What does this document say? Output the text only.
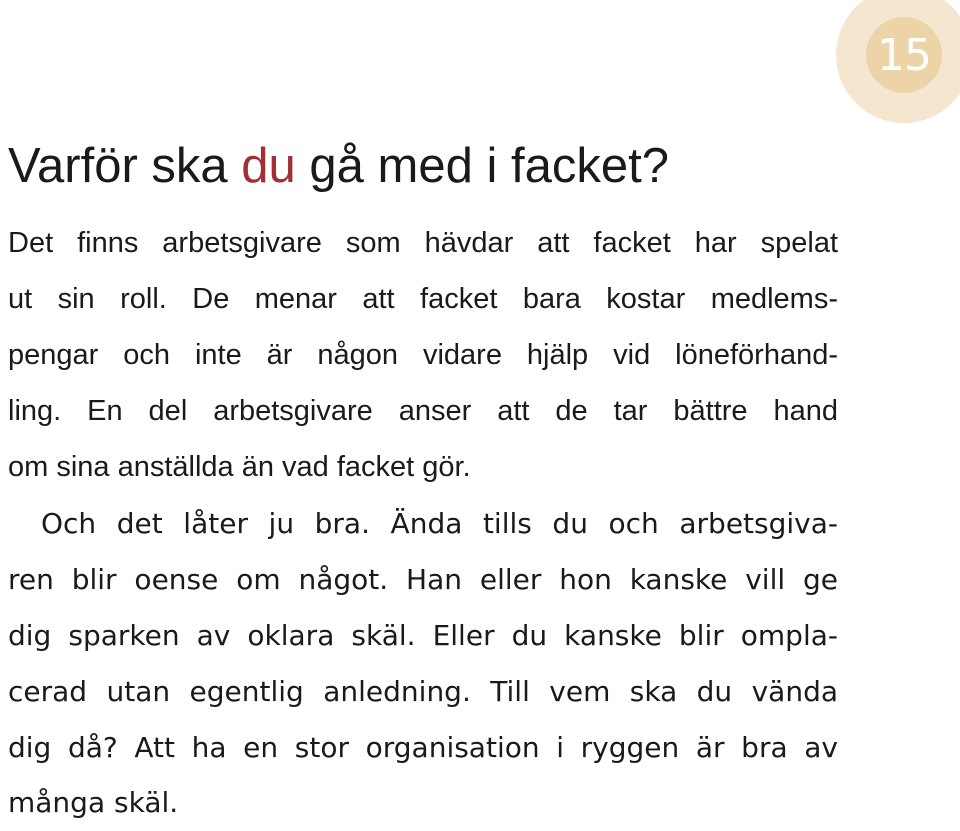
15
Varför ska du gå med i facket?
Det finns arbetsgivare som hävdar att facket har spelat
ut sin roll. De menar att facket bara kostar medlems-
pengar och inte är någon vidare hjälp vid löneförhand-
ling. En del arbetsgivare anser att de tar bättre hand
om sina anställda än vad facket gör.
Och det låter ju bra. Ända tills du och arbetsgiva-
ren blir oense om något. Han eller hon kanske vill ge
dig sparken av oklara skäl. Eller du kanske blir ompla-
cerad utan egentlig anledning. Till vem ska du vända
dig då? Att ha en stor organisation i ryggen är bra av
många skäl.
